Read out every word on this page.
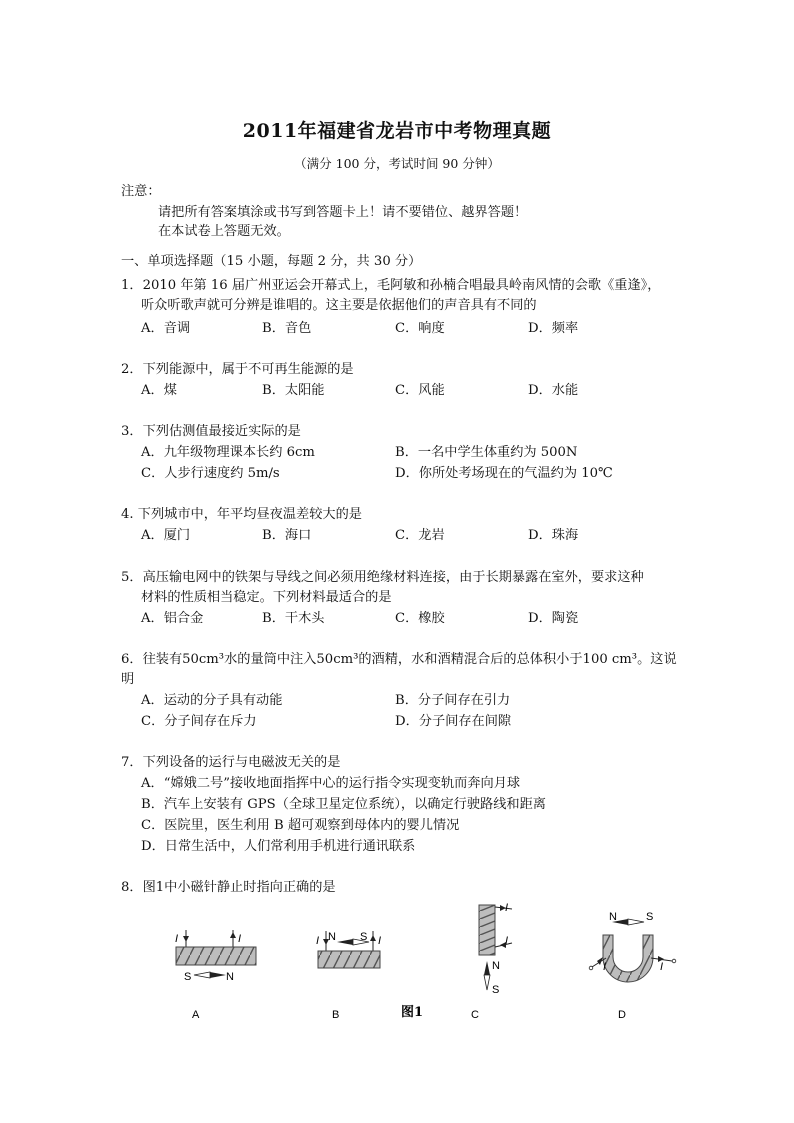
2011年福建省龙岩市中考物理真题
（满分 100 分，考试时间 90 分钟）
注意：
请把所有答案填涂或书写到答题卡上！请不要错位、越界答题！
在本试卷上答题无效。
一、单项选择题（15 小题，每题 2 分，共 30 分）
1．2010 年第 16 届广州亚运会开幕式上，毛阿敏和孙楠合唱最具岭南风情的会歌《重逢》，
听众听歌声就可分辨是谁唱的。这主要是依据他们的声音具有不同的
A．音调	B．音色	C．响度	D．频率
2．下列能源中，属于不可再生能源的是
A．煤	B．太阳能	C．风能	D．水能
3．下列估测值最接近实际的是
A．九年级物理课本长约 6cm	B．一名中学生体重约为 500N
C．人步行速度约 5m/s	D．你所处考场现在的气温约为 10℃
4. 下列城市中，年平均昼夜温差较大的是
A．厦门	B．海口	C．龙岩	D．珠海
5．高压输电网中的铁架与导线之间必须用绝缘材料连接，由于长期暴露在室外，要求这种
材料的性质相当稳定。下列材料最适合的是
A．铝合金	B．干木头	C．橡胶	D．陶瓷
6．往装有50cm³水的量筒中注入50cm³的酒精，水和酒精混合后的总体积小于100 cm³。这说
明
A．运动的分子具有动能	B．分子间存在引力
C．分子间存在斥力	D．分子间存在间隙
7．下列设备的运行与电磁波无关的是
A．“嫦娥二号”接收地面指挥中心的运行指令实现变轨而奔向月球
B．汽车上安装有 GPS（全球卫星定位系统），以确定行驶路线和距离
C．医院里，医生利用 B 超可观察到母体内的婴儿情况
D．日常生活中，人们常利用手机进行通讯联系
8．图1中小磁针静止时指向正确的是
I	I
S	N
I	I
N S
I
I
N
S
N	S
I	I
A	B	图1	C	D
